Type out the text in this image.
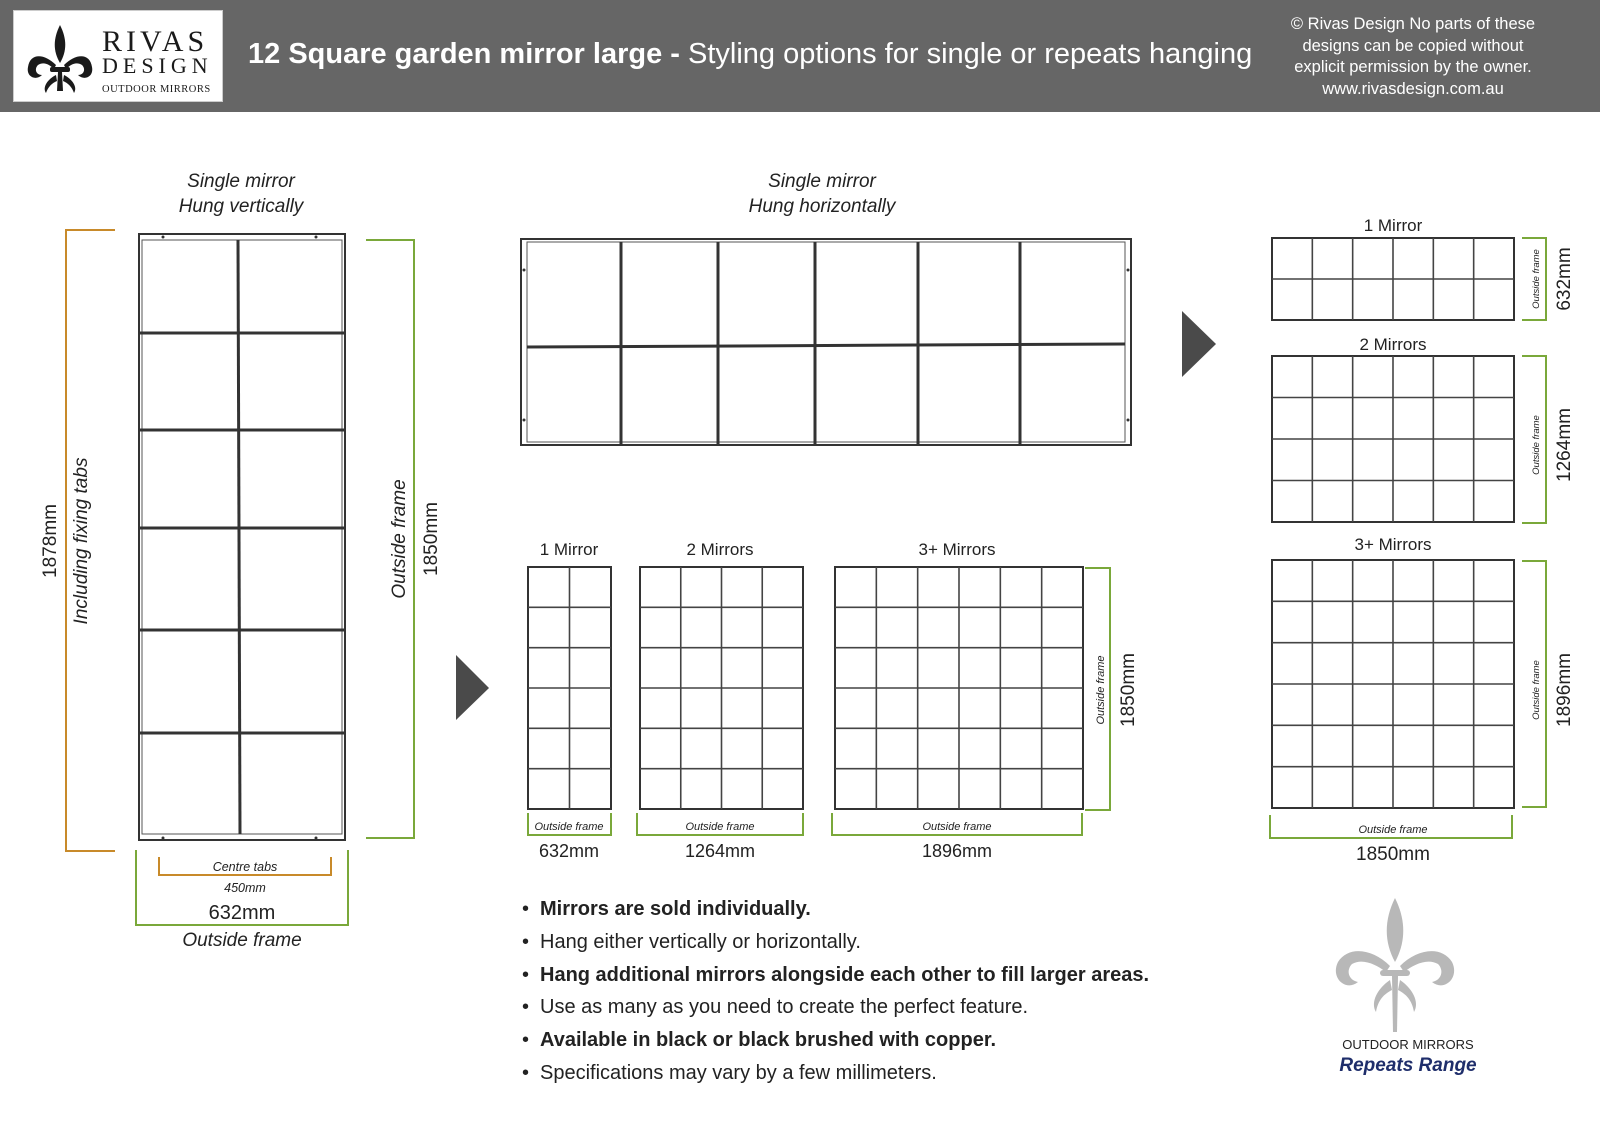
RIVAS
DESIGN
OUTDOOR MIRRORS
12 Square garden mirror large - Styling options for single or repeats hanging
© Rivas Design No parts of these
designs can be copied without
explicit permission by the owner.
www.rivasdesign.com.au
Single mirror
Hung vertically
1878mm Including fixing tabs	Outside frame 1850mm
Centre tabs
450mm
632mm
Outside frame
Single mirror
Hung horizontally
1 Mirror	2 Mirrors	3+ Mirrors
Outside frame 1850mm
Outside frame
632mm
Outside frame
1264mm
Outside frame
1896mm
1 Mirror
2 Mirrors
3+ Mirrors
Outside frame 632mm
Outside frame 1264mm
Outside frame 1896mm
Outside frame
1850mm
• Mirrors are sold individually.
• Hang either vertically or horizontally.
• Hang additional mirrors alongside each other to fill larger areas.
• Use as many as you need to create the perfect feature.
• Available in black or black brushed with copper.
• Specifications may vary by a few millimeters.
OUTDOOR MIRRORS
Repeats Range
